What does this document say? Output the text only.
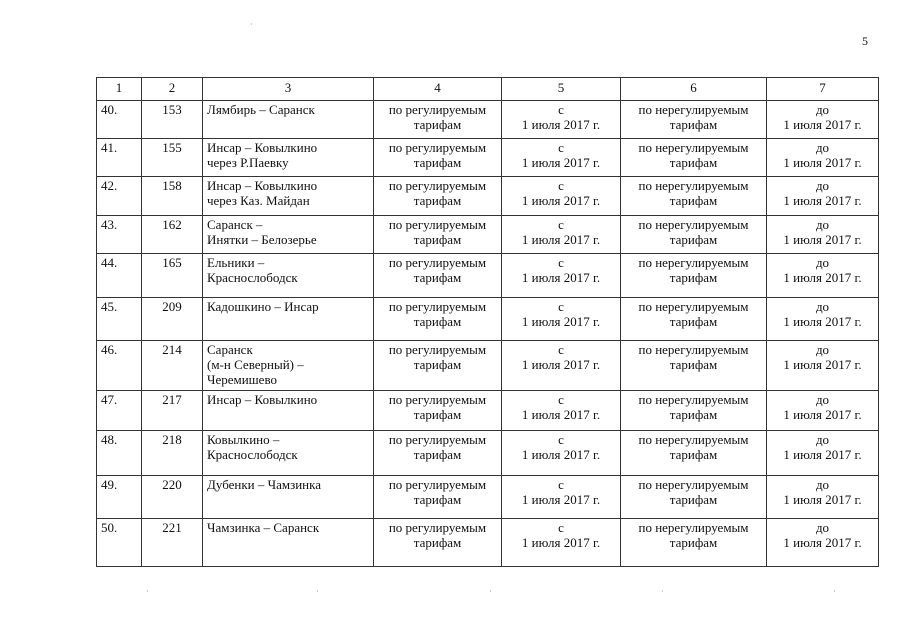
5
·
1	2	3	4	5	6	7

40.	153	Лямбирь – Саранск	по регулируемым
тарифам	с
1 июля 2017 г.	по нерегулируемым
тарифам	до
1 июля 2017 г.

41.	155	Инсар – Ковылкино
через Р.Паевку	по регулируемым
тарифам	с
1 июля 2017 г.	по нерегулируемым
тарифам	до
1 июля 2017 г.

42.	158	Инсар – Ковылкино
через Каз. Майдан	по регулируемым
тарифам	с
1 июля 2017 г.	по нерегулируемым
тарифам	до
1 июля 2017 г.

43.	162	Саранск –
Инятки – Белозерье	по регулируемым
тарифам	с
1 июля 2017 г.	по нерегулируемым
тарифам	до
1 июля 2017 г.

44.	165	Ельники –
Краснослободск	по регулируемым
тарифам	с
1 июля 2017 г.	по нерегулируемым
тарифам	до
1 июля 2017 г.

45.	209	Кадошкино – Инсар	по регулируемым
тарифам	с
1 июля 2017 г.	по нерегулируемым
тарифам	до
1 июля 2017 г.

46.	214	Саранск
(м-н Северный) –
Черемишево	по регулируемым
тарифам	с
1 июля 2017 г.	по нерегулируемым
тарифам	до
1 июля 2017 г.

47.	217	Инсар – Ковылкино	по регулируемым
тарифам	с
1 июля 2017 г.	по нерегулируемым
тарифам	до
1 июля 2017 г.

48.	218	Ковылкино –
Краснослободск	по регулируемым
тарифам	с
1 июля 2017 г.	по нерегулируемым
тарифам	до
1 июля 2017 г.

49.	220	Дубенки – Чамзинка	по регулируемым
тарифам	с
1 июля 2017 г.	по нерегулируемым
тарифам	до
1 июля 2017 г.

50.	221	Чамзинка – Саранск	по регулируемым
тарифам	с
1 июля 2017 г.	по нерегулируемым
тарифам	до
1 июля 2017 г.
·	·	·	·	·
